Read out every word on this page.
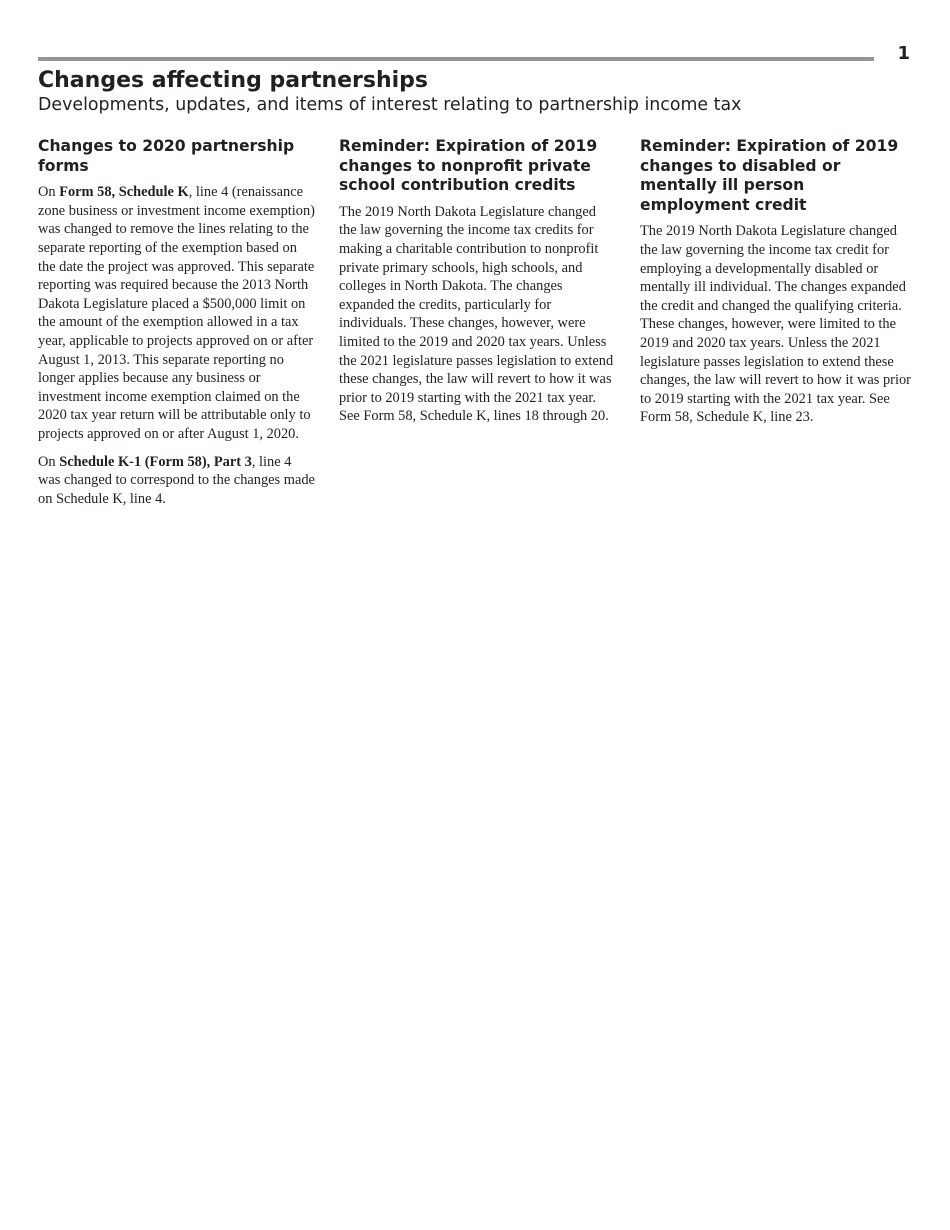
1
Changes affecting partnerships

Developments, updates, and items of interest relating to partnership income tax

Changes to 2020 partnership forms

On Form 58, Schedule K, line 4 (renaissance zone business or investment income exemption) was changed to remove the lines relating to the separate reporting of the exemption based on the date the project was approved. This separate reporting was required because the 2013 North Dakota Legislature placed a $500,000 limit on the amount of the exemption allowed in a tax year, applicable to projects approved on or after August 1, 2013. This separate reporting no longer applies because any business or investment income exemption claimed on the 2020 tax year return will be attributable only to projects approved on or after August 1, 2020.

On Schedule K-1 (Form 58), Part 3, line 4 was changed to correspond to the changes made on Schedule K, line 4.

Reminder: Expiration of 2019 changes to nonprofit private school contribution credits

The 2019 North Dakota Legislature changed the law governing the income tax credits for making a charitable contribution to nonprofit private primary schools, high schools, and colleges in North Dakota. The changes expanded the credits, particularly for individuals. These changes, however, were limited to the 2019 and 2020 tax years. Unless the 2021 legislature passes legislation to extend these changes, the law will revert to how it was prior to 2019 starting with the 2021 tax year. See Form 58, Schedule K, lines 18 through 20.

Reminder: Expiration of 2019 changes to disabled or mentally ill person employment credit

The 2019 North Dakota Legislature changed the law governing the income tax credit for employing a developmentally disabled or mentally ill individual. The changes expanded the credit and changed the qualifying criteria. These changes, however, were limited to the 2019 and 2020 tax years. Unless the 2021 legislature passes legislation to extend these changes, the law will revert to how it was prior to 2019 starting with the 2021 tax year. See Form 58, Schedule K, line 23.
